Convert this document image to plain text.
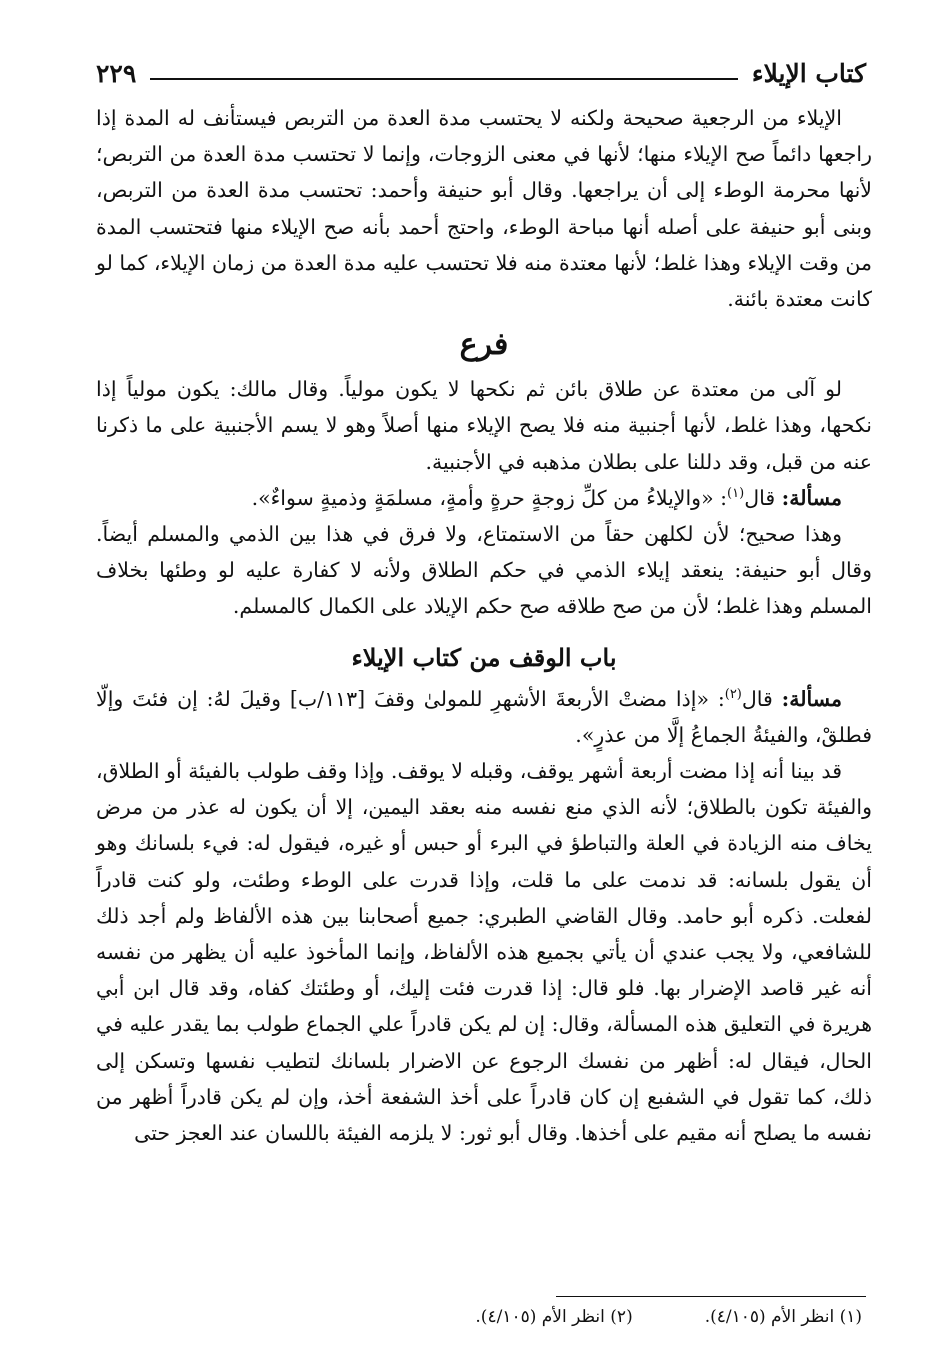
كتاب الإيلاء
٢٢٩

الإيلاء من الرجعية صحيحة ولكنه لا يحتسب مدة العدة من التربص فيستأنف له المدة إذا راجعها دائماً صح الإيلاء منها؛ لأنها في معنى الزوجات، وإنما لا تحتسب مدة العدة من التربص؛ لأنها محرمة الوطء إلى أن يراجعها. وقال أبو حنيفة وأحمد: تحتسب مدة العدة من التربص، وبنى أبو حنيفة على أصله أنها مباحة الوطء، واحتج أحمد بأنه صح الإيلاء منها فتحتسب المدة من وقت الإيلاء وهذا غلط؛ لأنها معتدة منه فلا تحتسب عليه مدة العدة من زمان الإيلاء، كما لو كانت معتدة بائنة.

فرع

لو آلى من معتدة عن طلاق بائن ثم نكحها لا يكون مولياً. وقال مالك: يكون مولياً إذا نكحها، وهذا غلط، لأنها أجنبية منه فلا يصح الإيلاء منها أصلاً وهو لا يسم الأجنبية على ما ذكرنا عنه من قبل، وقد دللنا على بطلان مذهبه في الأجنبية.

مسألة: قال$^{(١)}$: «والإيلاءُ من كلِّ زوجةٍ حرةٍ وأمةٍ، مسلمَةٍ وذميةٍ سواءٌ».

وهذا صحيح؛ لأن لكلهن حقاً من الاستمتاع، ولا فرق في هذا بين الذمي والمسلم أيضاً. وقال أبو حنيفة: ينعقد إيلاء الذمي في حكم الطلاق ولأنه لا كفارة عليه لو وطئها بخلاف المسلم وهذا غلط؛ لأن من صح طلاقه صح حكم الإيلاد على الكمال كالمسلم.

باب الوقف من كتاب الإيلاء

مسألة: قال$^{(٢)}$: «إذا مضتْ الأربعةَ الأشهرِ للمولىٰ وقفَ [١١٣/ب] وقيلَ لهُ: إن فئتَ وإلّا فطلقْ، والفيئةُ الجماعُ إلَّا من عذرٍ».

قد بينا أنه إذا مضت أربعة أشهر يوقف، وقبله لا يوقف. وإذا وقف طولب بالفيئة أو الطلاق، والفيئة تكون بالطلاق؛ لأنه الذي منع نفسه منه بعقد اليمين، إلا أن يكون له عذر من مرض يخاف منه الزيادة في العلة والتباطؤ في البرء أو حبس أو غيره، فيقول له: فيء بلسانك وهو أن يقول بلسانه: قد ندمت على ما قلت، وإذا قدرت على الوطء وطئت، ولو كنت قادراً لفعلت. ذكره أبو حامد. وقال القاضي الطبري: جميع أصحابنا بين هذه الألفاظ ولم أجد ذلك للشافعي، ولا يجب عندي أن يأتي بجميع هذه الألفاظ، وإنما المأخوذ عليه أن يظهر من نفسه أنه غير قاصد الإضرار بها. فلو قال: إذا قدرت فئت إليك، أو وطئتك كفاه، وقد قال ابن أبي هريرة في التعليق هذه المسألة، وقال: إن لم يكن قادراً علي الجماع طولب بما يقدر عليه في الحال، فيقال له: أظهر من نفسك الرجوع عن الاضرار بلسانك لتطيب نفسها وتسكن إلى ذلك، كما تقول في الشفبع إن كان قادراً على أخذ الشفعة أخذ، وإن لم يكن قادراً أظهر من نفسه ما يصلح أنه مقيم على أخذها. وقال أبو ثور: لا يلزمه الفيئة باللسان عند العجز حتى

(١) انظر الأم (٤/١٠٥).
(٢) انظر الأم (٤/١٠٥).
